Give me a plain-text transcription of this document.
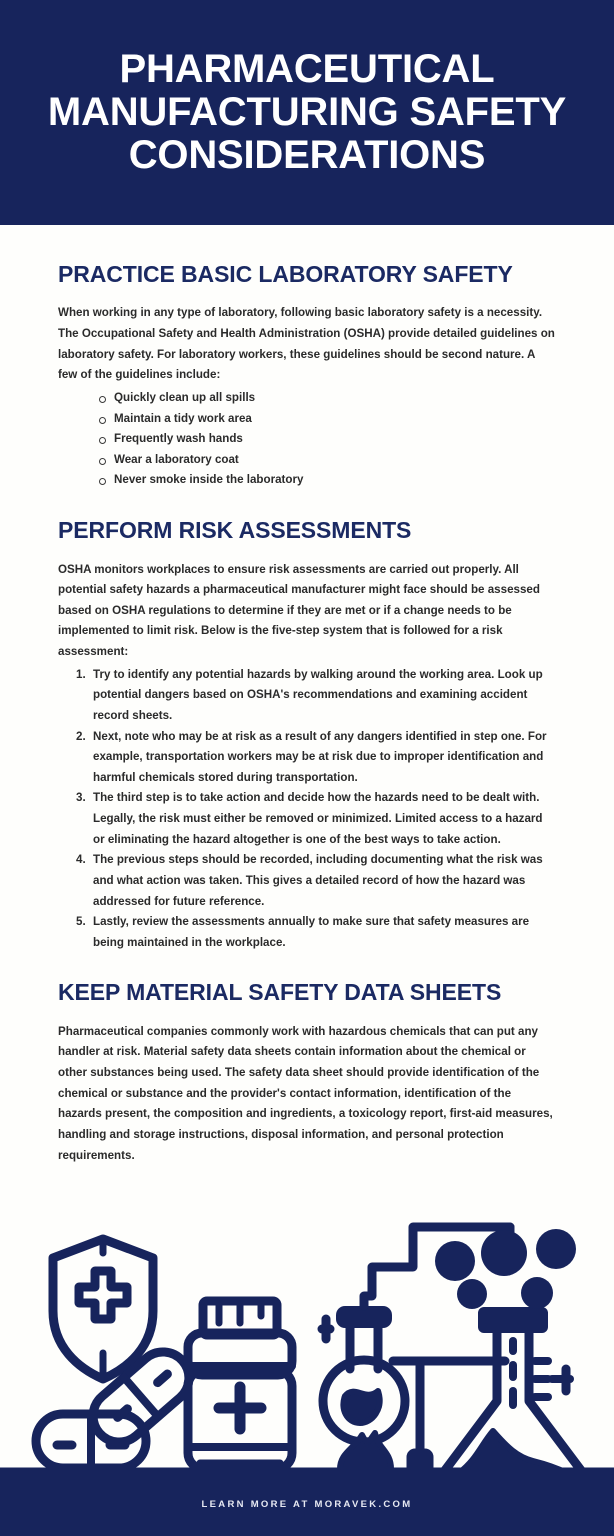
PHARMACEUTICAL MANUFACTURING SAFETY CONSIDERATIONS
PRACTICE BASIC LABORATORY SAFETY

When working in any type of laboratory, following basic laboratory safety is a necessity. The Occupational Safety and Health Administration (OSHA) provide detailed guidelines on laboratory safety. For laboratory workers, these guidelines should be second nature. A few of the guidelines include:

Quickly clean up all spills
Maintain a tidy work area
Frequently wash hands
Wear a laboratory coat
Never smoke inside the laboratory
PERFORM RISK ASSESSMENTS

OSHA monitors workplaces to ensure risk assessments are carried out properly. All potential safety hazards a pharmaceutical manufacturer might face should be assessed based on OSHA regulations to determine if they are met or if a change needs to be implemented to limit risk. Below is the five-step system that is followed for a risk assessment:

Try to identify any potential hazards by walking around the working area. Look up potential dangers based on OSHA's recommendations and examining accident record sheets.
Next, note who may be at risk as a result of any dangers identified in step one. For example, transportation workers may be at risk due to improper identification and harmful chemicals stored during transportation.
The third step is to take action and decide how the hazards need to be dealt with. Legally, the risk must either be removed or minimized. Limited access to a hazard or eliminating the hazard altogether is one of the best ways to take action.
The previous steps should be recorded, including documenting what the risk was and what action was taken. This gives a detailed record of how the hazard was addressed for future reference.
Lastly, review the assessments annually to make sure that safety measures are being maintained in the workplace.
KEEP MATERIAL SAFETY DATA SHEETS

Pharmaceutical companies commonly work with hazardous chemicals that can put any handler at risk. Material safety data sheets contain information about the chemical or other substances being used. The safety data sheet should provide identification of the chemical or substance and the provider's contact information, identification of the hazards present, the composition and ingredients, a toxicology report, first-aid measures, handling and storage instructions, disposal information, and personal protection requirements.

LEARN MORE AT MORAVEK.COM
